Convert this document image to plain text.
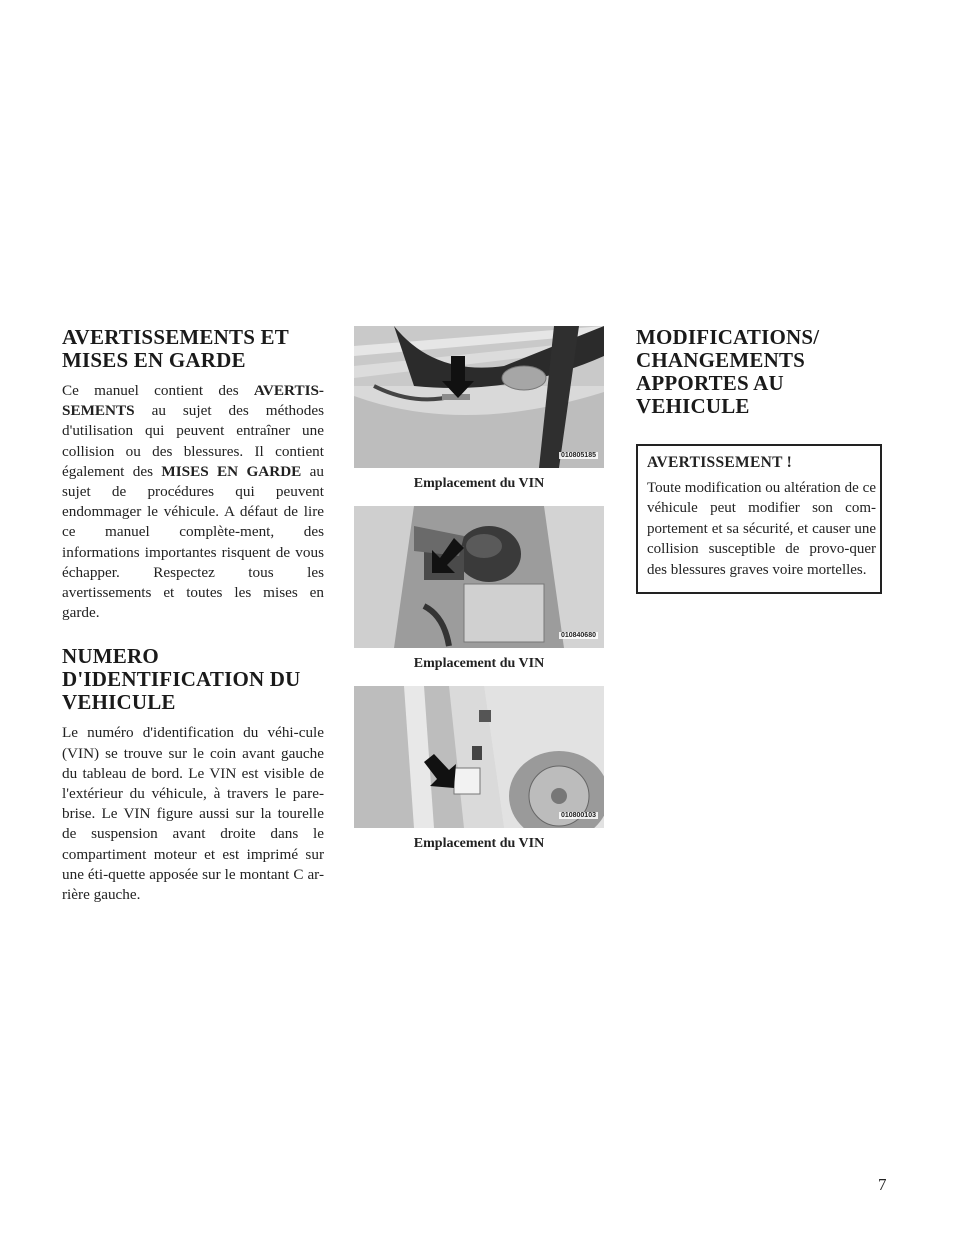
AVERTISSEMENTS ET MISES EN GARDE

Ce manuel contient des AVERTIS-SEMENTS au sujet des méthodes d'utilisation qui peuvent entraîner une collision ou des blessures. Il contient également des MISES EN GARDE au sujet de procédures qui peuvent endommager le véhicule. A défaut de lire ce manuel complète-ment, des informations importantes risquent de vous échapper. Respectez tous les avertissements et toutes les mises en garde.

NUMERO D'IDENTIFICATION DU VEHICULE

Le numéro d'identification du véhi-cule (VIN) se trouve sur le coin avant gauche du tableau de bord. Le VIN est visible de l'extérieur du véhicule, à travers le pare-brise. Le VIN figure aussi sur la tourelle de suspension avant droite dans le compartiment moteur et est imprimé sur une éti-quette apposée sur le montant C ar-rière gauche.

010805185
Emplacement du VIN
010840680
Emplacement du VIN
010800103
Emplacement du VIN
MODIFICATIONS/ CHANGEMENTS APPORTES AU VEHICULE
AVERTISSEMENT !

Toute modification ou altération de ce véhicule peut modifier son com-portement et sa sécurité, et causer une collision susceptible de provo-quer des blessures graves voire mortelles.

7
